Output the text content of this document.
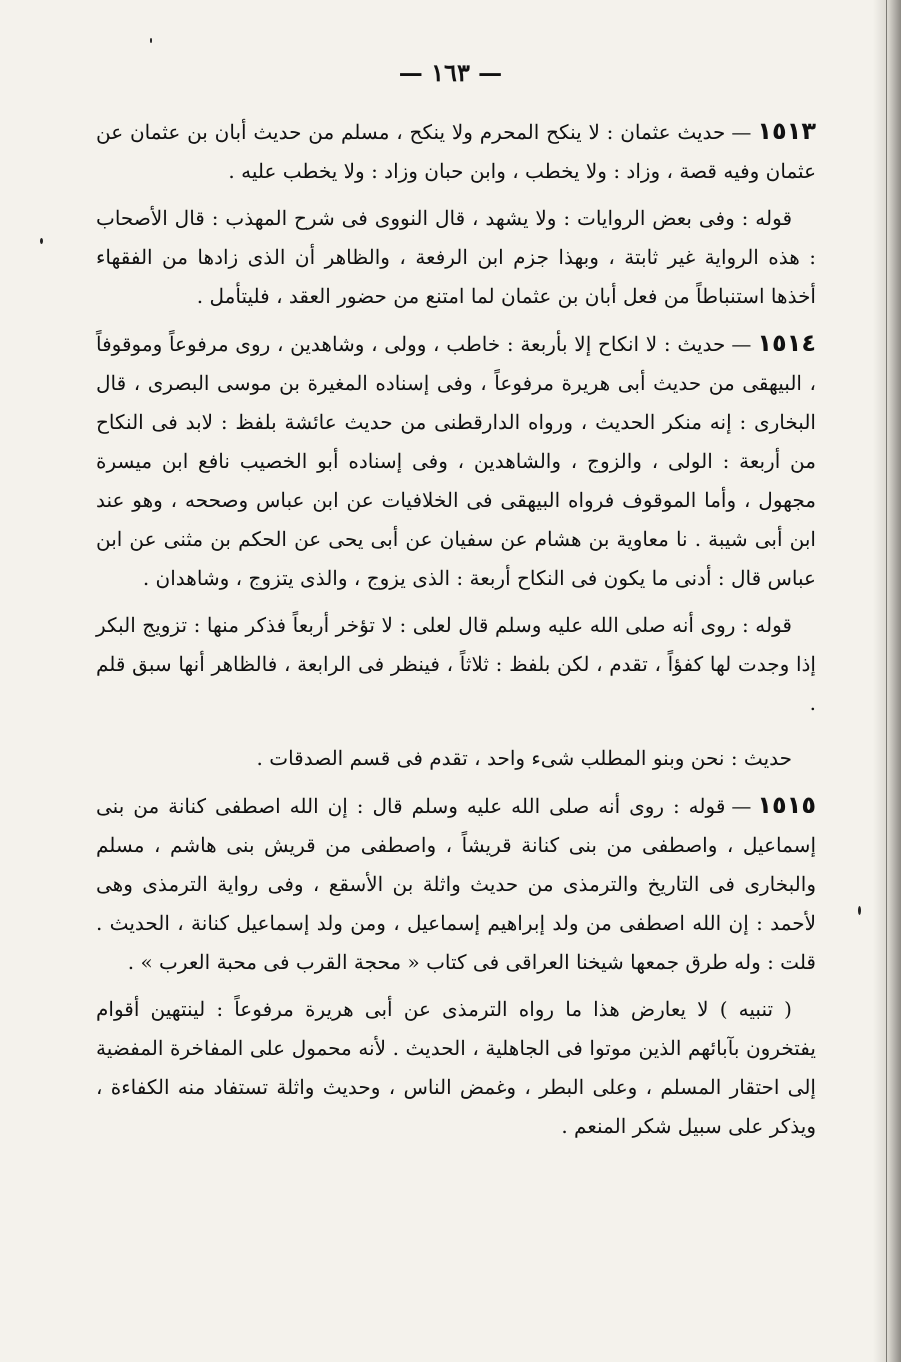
— ١٦٣ —

١٥١٣—حديث عثمان : لا ينكح المحرم ولا ينكح ، مسلم من حديث أبان بن عثمان عن عثمان وفيه قصة ، وزاد : ولا يخطب ، وابن حبان وزاد : ولا يخطب عليه .

قوله : وفى بعض الروايات : ولا يشهد ، قال النووى فى شرح المهذب : قال الأصحاب : هذه الرواية غير ثابتة ، وبهذا جزم ابن الرفعة ، والظاهر أن الذى زادها من الفقهاء أخذها استنباطاً من فعل أبان بن عثمان لما امتنع من حضور العقد ، فليتأمل .

١٥١٤—حديث : لا انكاح إلا بأربعة : خاطب ، وولى ، وشاهدين ، روى مرفوعاً وموقوفاً ، البيهقى من حديث أبى هريرة مرفوعاً ، وفى إسناده المغيرة بن موسى البصرى ، قال البخارى : إنه منكر الحديث ، ورواه الدارقطنى من حديث عائشة بلفظ : لابد فى النكاح من أربعة : الولى ، والزوج ، والشاهدين ، وفى إسناده أبو الخصيب نافع ابن ميسرة مجهول ، وأما الموقوف فرواه البيهقى فى الخلافيات عن ابن عباس وصححه ، وهو عند ابن أبى شيبة . نا معاوية بن هشام عن سفيان عن أبى يحى عن الحكم بن مثنى عن ابن عباس قال : أدنى ما يكون فى النكاح أربعة : الذى يزوج ، والذى يتزوج ، وشاهدان .

قوله : روى أنه صلى الله عليه وسلم قال لعلى : لا تؤخر أربعاً فذكر منها : تزويج البكر إذا وجدت لها كفؤاً ، تقدم ، لكن بلفظ : ثلاثاً ، فينظر فى الرابعة ، فالظاهر أنها سبق قلم .

حديث : نحن وبنو المطلب شىء واحد ، تقدم فى قسم الصدقات .

١٥١٥—قوله : روى أنه صلى الله عليه وسلم قال : إن الله اصطفى كنانة من بنى إسماعيل ، واصطفى من بنى كنانة قريشاً ، واصطفى من قريش بنى هاشم ، مسلم والبخارى فى التاريخ والترمذى من حديث واثلة بن الأسقع ، وفى رواية الترمذى وهى لأحمد : إن الله اصطفى من ولد إبراهيم إسماعيل ، ومن ولد إسماعيل كنانة ، الحديث . قلت : وله طرق جمعها شيخنا العراقى فى كتاب « محجة القرب فى محبة العرب » .

( تنبيه ) لا يعارض هذا ما رواه الترمذى عن أبى هريرة مرفوعاً : لينتهين أقوام يفتخرون بآبائهم الذين موتوا فى الجاهلية ، الحديث . لأنه محمول على المفاخرة المفضية إلى احتقار المسلم ، وعلى البطر ، وغمض الناس ، وحديث واثلة تستفاد منه الكفاءة ، ويذكر على سبيل شكر المنعم .
